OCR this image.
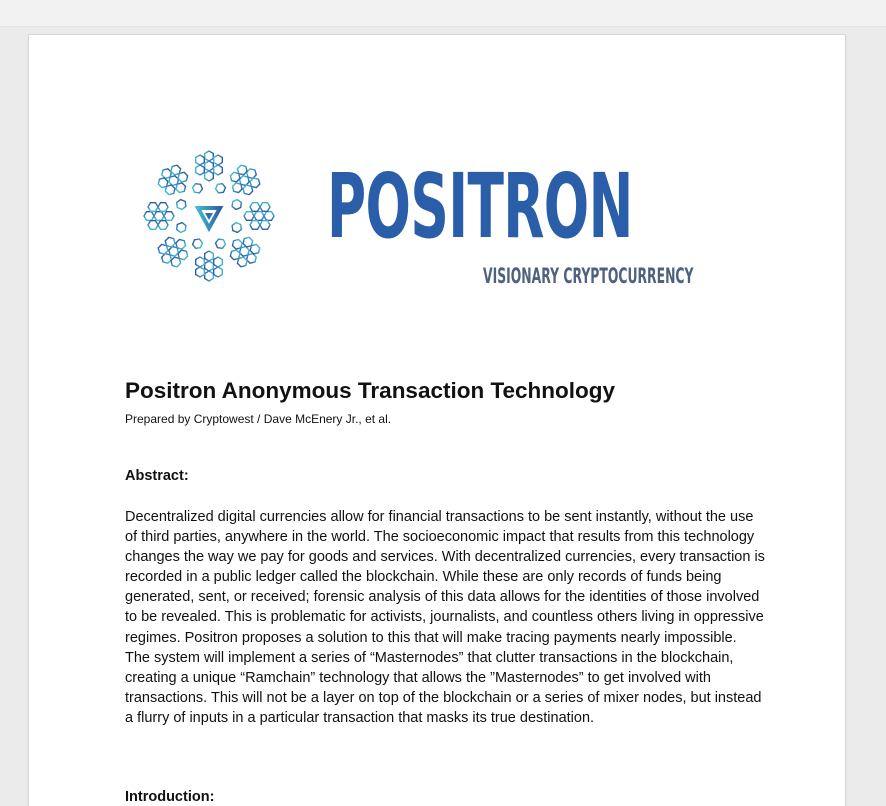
POSITRON

VISIONARY CRYPTOCURRENCY

Positron Anonymous Transaction Technology

Prepared by Cryptowest / Dave McEnery Jr., et al.

Abstract:

Decentralized digital currencies allow for financial transactions to be sent instantly, without the use of third parties, anywhere in the world. The socioeconomic impact that results from this technology changes the way we pay for goods and services. With decentralized currencies, every transaction is recorded in a public ledger called the blockchain. While these are only records of funds being generated, sent, or received; forensic analysis of this data allows for the identities of those involved to be revealed. This is problematic for activists, journalists, and countless others living in oppressive regimes. Positron proposes a solution to this that will make tracing payments nearly impossible. The system will implement a series of “Masternodes” that clutter transactions in the blockchain, creating a unique “Ramchain” technology that allows the ”Masternodes” to get involved with transactions. This will not be a layer on top of the blockchain or a series of mixer nodes, but instead a flurry of inputs in a particular transaction that masks its true destination.

Introduction:
